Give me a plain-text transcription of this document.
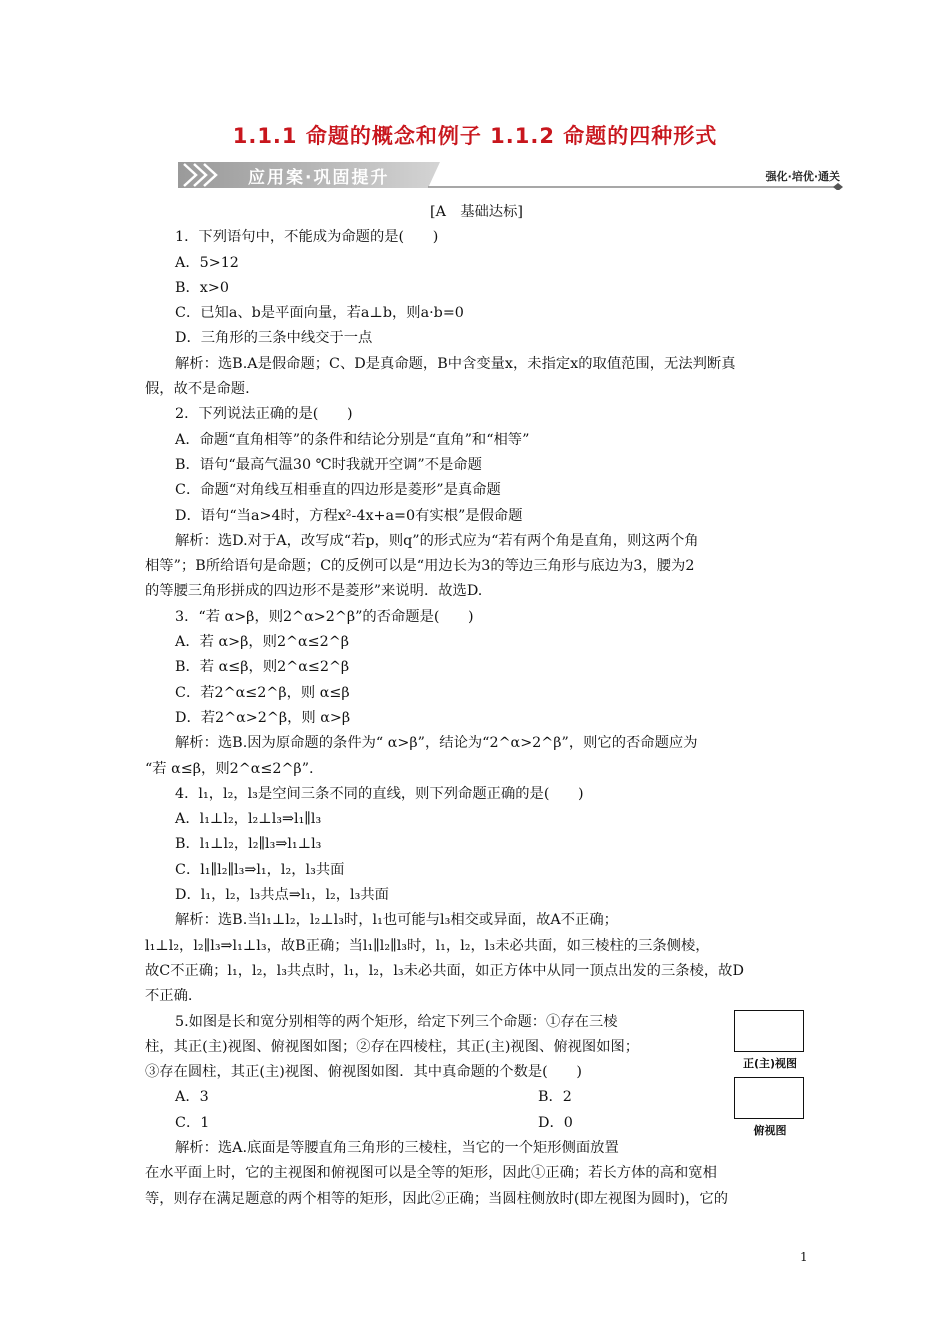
1.1.1 命题的概念和例子 1.1.2 命题的四种形式
应用案·巩固提升	强化·培优·通关
[A　基础达标]
1．下列语句中，不能成为命题的是(　　)
A．5>12
B．x>0
C．已知a、b是平面向量，若a⊥b，则a·b=0
D．三角形的三条中线交于一点
解析：选B.A是假命题；C、D是真命题，B中含变量x，未指定x的取值范围，无法判断真
假，故不是命题.
2．下列说法正确的是(　　)
A．命题“直角相等”的条件和结论分别是“直角”和“相等”
B．语句“最高气温30 ℃时我就开空调”不是命题
C．命题“对角线互相垂直的四边形是菱形”是真命题
D．语句“当a>4时，方程x²-4x+a=0有实根”是假命题
解析：选D.对于A，改写成“若p，则q”的形式应为“若有两个角是直角，则这两个角
相等”；B所给语句是命题；C的反例可以是“用边长为3的等边三角形与底边为3，腰为2
的等腰三角形拼成的四边形不是菱形”来说明．故选D.
3．“若 α>β，则2^α>2^β”的否命题是(　　)
A．若 α>β，则2^α≤2^β
B．若 α≤β，则2^α≤2^β
C．若2^α≤2^β，则 α≤β
D．若2^α>2^β，则 α>β
解析：选B.因为原命题的条件为“ α>β”，结论为“2^α>2^β”，则它的否命题应为
“若 α≤β，则2^α≤2^β”.
4．l₁，l₂，l₃是空间三条不同的直线，则下列命题正确的是(　　)
A．l₁⊥l₂，l₂⊥l₃⇒l₁∥l₃
B．l₁⊥l₂，l₂∥l₃⇒l₁⊥l₃
C．l₁∥l₂∥l₃⇒l₁，l₂，l₃共面
D．l₁，l₂，l₃共点⇒l₁，l₂，l₃共面
解析：选B.当l₁⊥l₂，l₂⊥l₃时，l₁也可能与l₃相交或异面，故A不正确；
l₁⊥l₂，l₂∥l₃⇒l₁⊥l₃，故B正确；当l₁∥l₂∥l₃时，l₁，l₂，l₃未必共面，如三棱柱的三条侧棱，
故C不正确；l₁，l₂，l₃共点时，l₁，l₂，l₃未必共面，如正方体中从同一顶点出发的三条棱，故D
不正确.
5.如图是长和宽分别相等的两个矩形，给定下列三个命题：①存在三棱
柱，其正(主)视图、俯视图如图；②存在四棱柱，其正(主)视图、俯视图如图；
③存在圆柱，其正(主)视图、俯视图如图．其中真命题的个数是(　　)
A．3	B．2
C．1	D．0
解析：选A.底面是等腰直角三角形的三棱柱，当它的一个矩形侧面放置
在水平面上时，它的主视图和俯视图可以是全等的矩形，因此①正确；若长方体的高和宽相
等，则存在满足题意的两个相等的矩形，因此②正确；当圆柱侧放时(即左视图为圆时)，它的
正(主)视图
俯视图
1
